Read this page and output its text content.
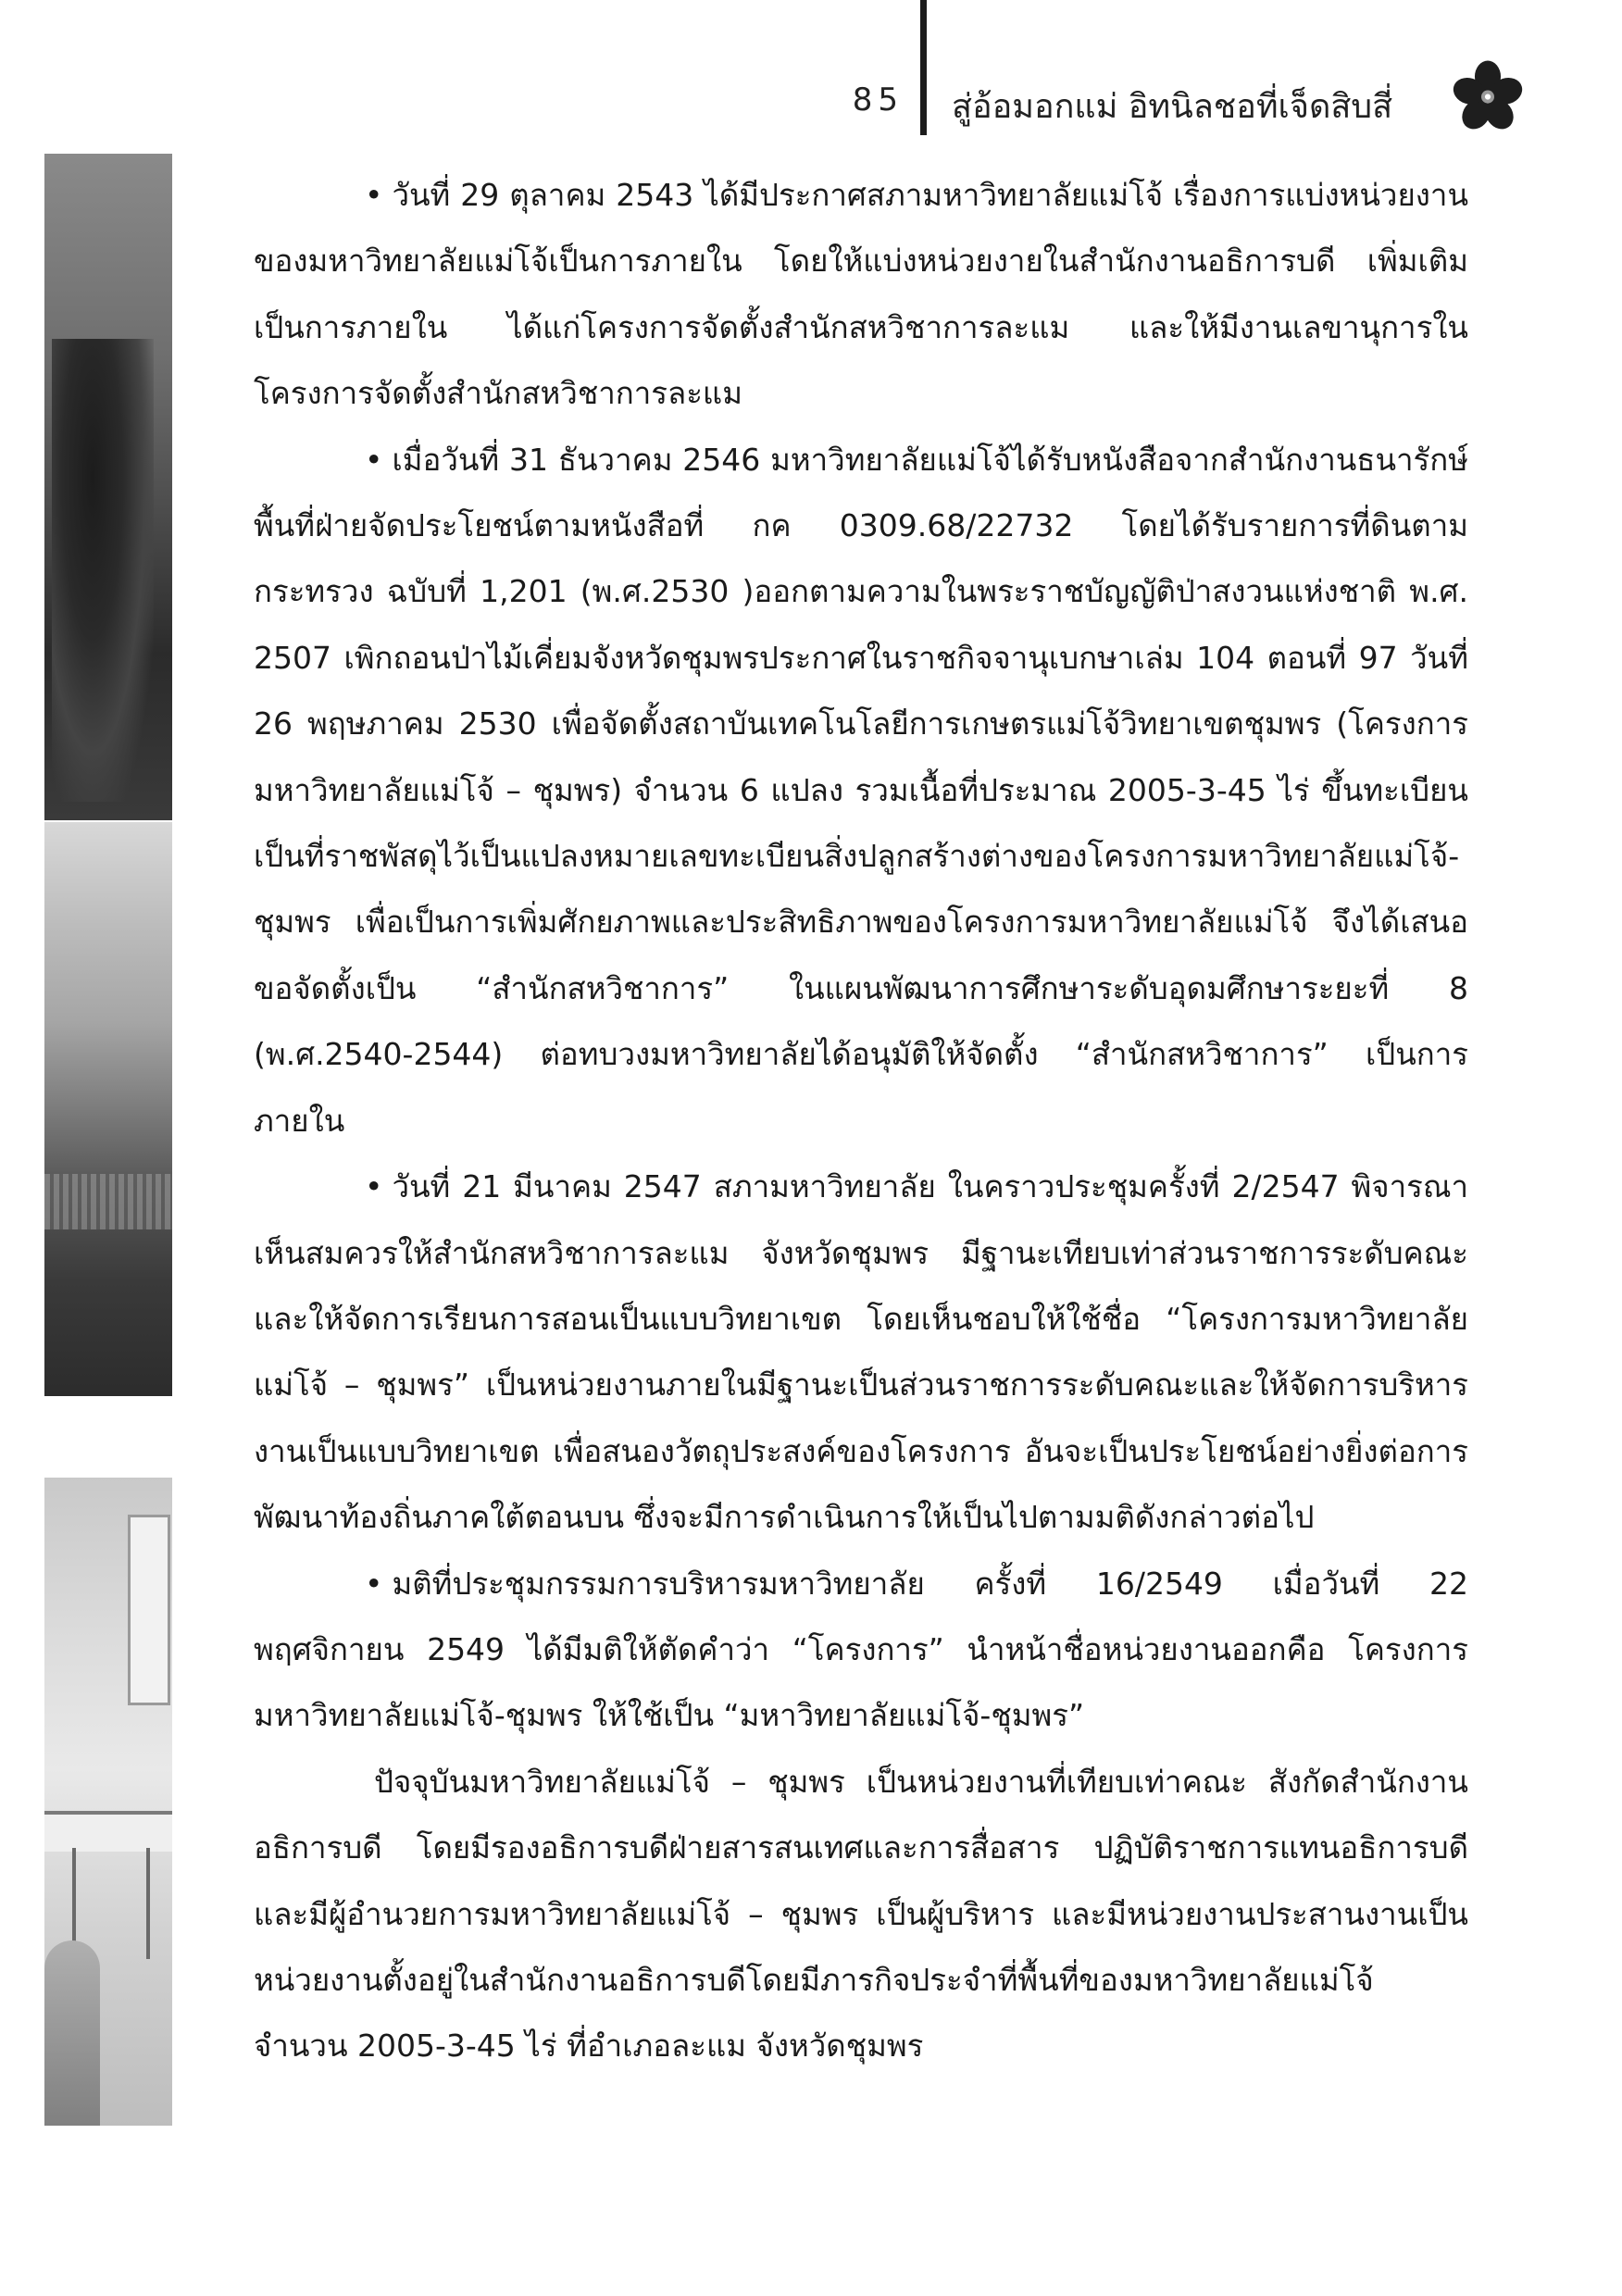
85 สู่อ้อมอกแม่ อิทนิลชอที่เจ็ดสิบสี่

• วันที่ 29 ตุลาคม 2543 ได้มีประกาศสภามหาวิทยาลัยแม่โจ้ เรื่องการแบ่งหน่วยงานของมหาวิทยาลัยแม่โจ้เป็นการภายใน โดยให้แบ่งหน่วยงายในสำนักงานอธิการบดี เพิ่มเติมเป็นการภายใน ได้แก่โครงการจัดตั้งสำนักสหวิชาการละแม และให้มีงานเลขานุการในโครงการจัดตั้งสำนักสหวิชาการละแม

• เมื่อวันที่ 31 ธันวาคม 2546 มหาวิทยาลัยแม่โจ้ได้รับหนังสือจากสำนักงานธนารักษ์พื้นที่ฝ่ายจัดประโยชน์ตามหนังสือที่ กค 0309.68/22732 โดยได้รับรายการที่ดินตามกระทรวง ฉบับที่ 1,201 (พ.ศ.2530 )ออกตามความในพระราชบัญญัติป่าสงวนแห่งชาติ พ.ศ. 2507 เพิกถอนป่าไม้เคี่ยมจังหวัดชุมพรประกาศในราชกิจจานุเบกษาเล่ม 104 ตอนที่ 97 วันที่ 26 พฤษภาคม 2530 เพื่อจัดตั้งสถาบันเทคโนโลยีการเกษตรแม่โจ้วิทยาเขตชุมพร (โครงการมหาวิทยาลัยแม่โจ้ – ชุมพร) จำนวน 6 แปลง รวมเนื้อที่ประมาณ 2005-3-45 ไร่ ขึ้นทะเบียนเป็นที่ราชพัสดุไว้เป็นแปลงหมายเลขทะเบียนสิ่งปลูกสร้างต่างของโครงการมหาวิทยาลัยแม่โจ้-ชุมพร เพื่อเป็นการเพิ่มศักยภาพและประสิทธิภาพของโครงการมหาวิทยาลัยแม่โจ้ จึงได้เสนอขอจัดตั้งเป็น “สำนักสหวิชาการ” ในแผนพัฒนาการศึกษาระดับอุดมศึกษาระยะที่ 8 (พ.ศ.2540-2544) ต่อทบวงมหาวิทยาลัยได้อนุมัติให้จัดตั้ง “สำนักสหวิชาการ” เป็นการภายใน

• วันที่ 21 มีนาคม 2547 สภามหาวิทยาลัย ในคราวประชุมครั้งที่ 2/2547 พิจารณาเห็นสมควรให้สำนักสหวิชาการละแม จังหวัดชุมพร มีฐานะเทียบเท่าส่วนราชการระดับคณะและให้จัดการเรียนการสอนเป็นแบบวิทยาเขต โดยเห็นชอบให้ใช้ชื่อ “โครงการมหาวิทยาลัยแม่โจ้ – ชุมพร” เป็นหน่วยงานภายในมีฐานะเป็นส่วนราชการระดับคณะและให้จัดการบริหารงานเป็นแบบวิทยาเขต เพื่อสนองวัตถุประสงค์ของโครงการ อันจะเป็นประโยชน์อย่างยิ่งต่อการพัฒนาท้องถิ่นภาคใต้ตอนบน ซึ่งจะมีการดำเนินการให้เป็นไปตามมติดังกล่าวต่อไป

• มติที่ประชุมกรรมการบริหารมหาวิทยาลัย ครั้งที่ 16/2549 เมื่อวันที่ 22 พฤศจิกายน 2549 ได้มีมติให้ตัดคำว่า “โครงการ” นำหน้าชื่อหน่วยงานออกคือ โครงการมหาวิทยาลัยแม่โจ้-ชุมพร ให้ใช้เป็น “มหาวิทยาลัยแม่โจ้-ชุมพร”

ปัจจุบันมหาวิทยาลัยแม่โจ้ – ชุมพร เป็นหน่วยงานที่เทียบเท่าคณะ สังกัดสำนักงานอธิการบดี โดยมีรองอธิการบดีฝ่ายสารสนเทศและการสื่อสาร ปฏิบัติราชการแทนอธิการบดี และมีผู้อำนวยการมหาวิทยาลัยแม่โจ้ – ชุมพร เป็นผู้บริหาร และมีหน่วยงานประสานงานเป็นหน่วยงานตั้งอยู่ในสำนักงานอธิการบดีโดยมีภารกิจประจำที่พื้นที่ของมหาวิทยาลัยแม่โจ้ จำนวน 2005-3-45 ไร่ ที่อำเภอละแม จังหวัดชุมพร
